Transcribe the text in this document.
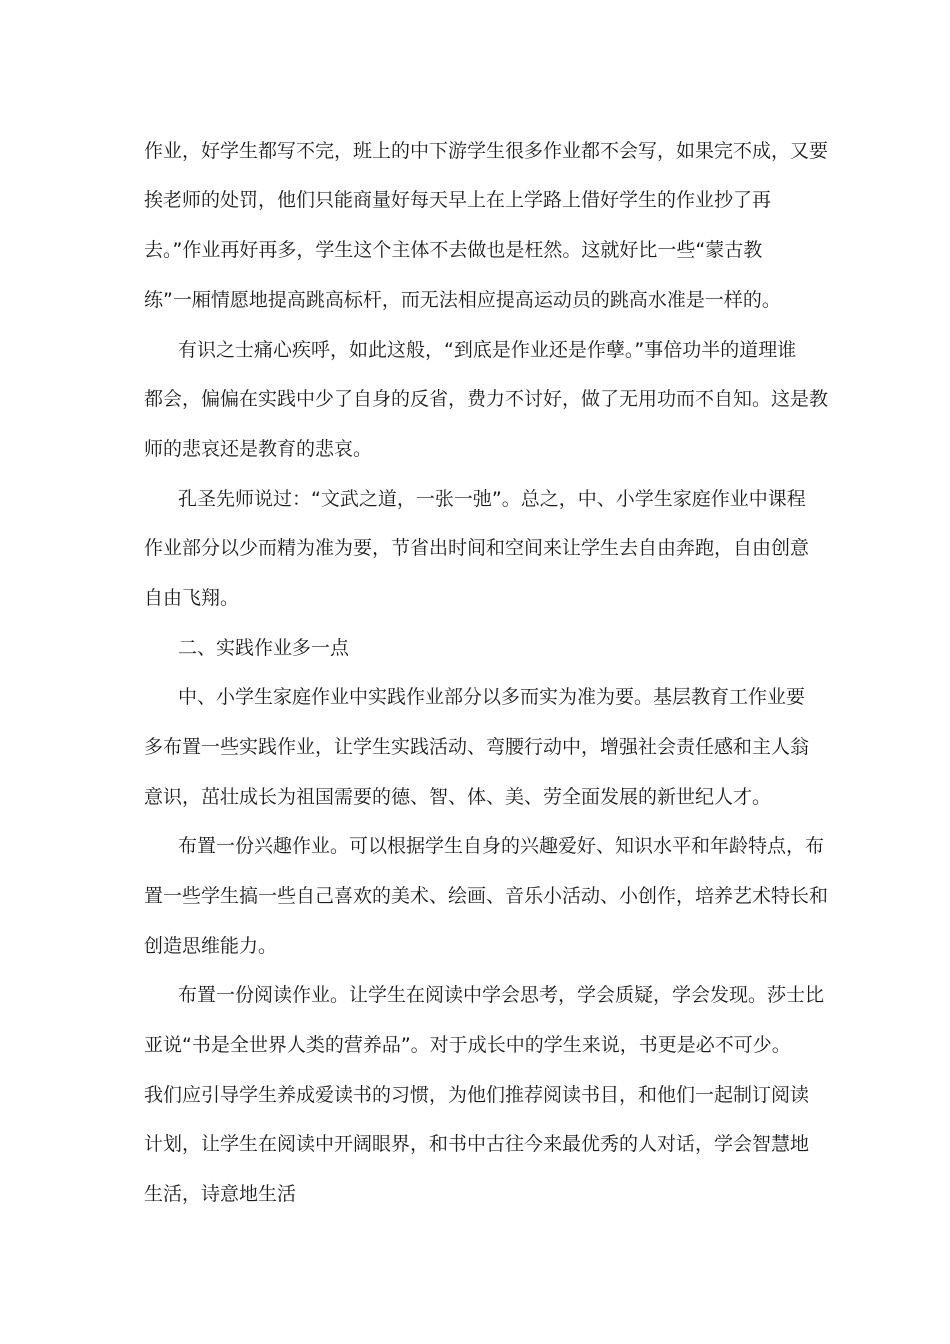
作业，好学生都写不完，班上的中下游学生很多作业都不会写，如果完不成，又要
挨老师的处罚，他们只能商量好每天早上在上学路上借好学生的作业抄了再
去。”作业再好再多，学生这个主体不去做也是枉然。这就好比一些“蒙古教
练”一厢情愿地提高跳高标杆，而无法相应提高运动员的跳高水准是一样的。
有识之士痛心疾呼，如此这般，“到底是作业还是作孽。”事倍功半的道理谁
都会，偏偏在实践中少了自身的反省，费力不讨好，做了无用功而不自知。这是教
师的悲哀还是教育的悲哀。
孔圣先师说过：“文武之道，一张一弛”。总之，中、小学生家庭作业中课程
作业部分以少而精为准为要，节省出时间和空间来让学生去自由奔跑，自由创意
自由飞翔。
二、实践作业多一点
中、小学生家庭作业中实践作业部分以多而实为准为要。基层教育工作业要
多布置一些实践作业，让学生实践活动、弯腰行动中，增强社会责任感和主人翁
意识，茁壮成长为祖国需要的德、智、体、美、劳全面发展的新世纪人才。
布置一份兴趣作业。可以根据学生自身的兴趣爱好、知识水平和年龄特点，布
置一些学生搞一些自己喜欢的美术、绘画、音乐小活动、小创作，培养艺术特长和
创造思维能力。
布置一份阅读作业。让学生在阅读中学会思考，学会质疑，学会发现。莎士比
亚说“书是全世界人类的营养品”。对于成长中的学生来说，书更是必不可少。
我们应引导学生养成爱读书的习惯，为他们推荐阅读书目，和他们一起制订阅读
计划，让学生在阅读中开阔眼界，和书中古往今来最优秀的人对话，学会智慧地
生活，诗意地生活
